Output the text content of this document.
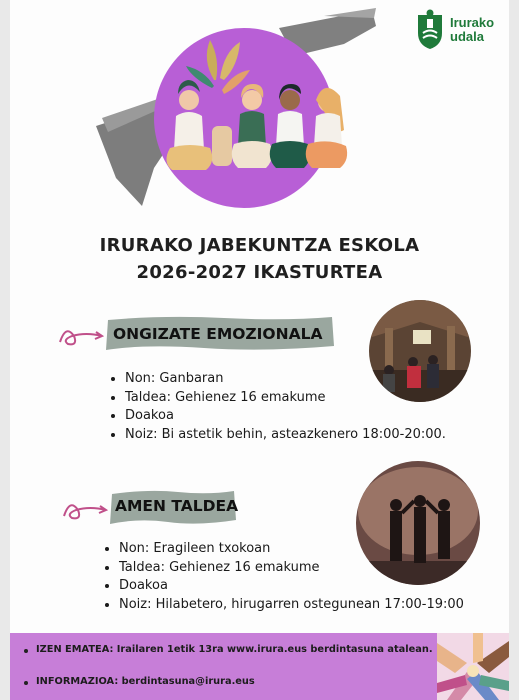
Irurako
udala
IRURAKO JABEKUNTZA ESKOLA
2026-2027 IKASTURTEA
ONGIZATE EMOZIONALA
• Non: Ganbaran
• Taldea: Gehienez 16 emakume
• Doakoa
• Noiz: Bi astetik behin, asteazkenero 18:00-20:00.
AMEN TALDEA
• Non: Eragileen txokoan
• Taldea: Gehienez 16 emakume
• Doakoa
• Noiz: Hilabetero, hirugarren ostegunean 17:00-19:00
IZEN EMATEA: Irailaren 1etik 13ra www.irura.eus berdintasuna atalean.
INFORMAZIOA: berdintasuna@irura.eus
